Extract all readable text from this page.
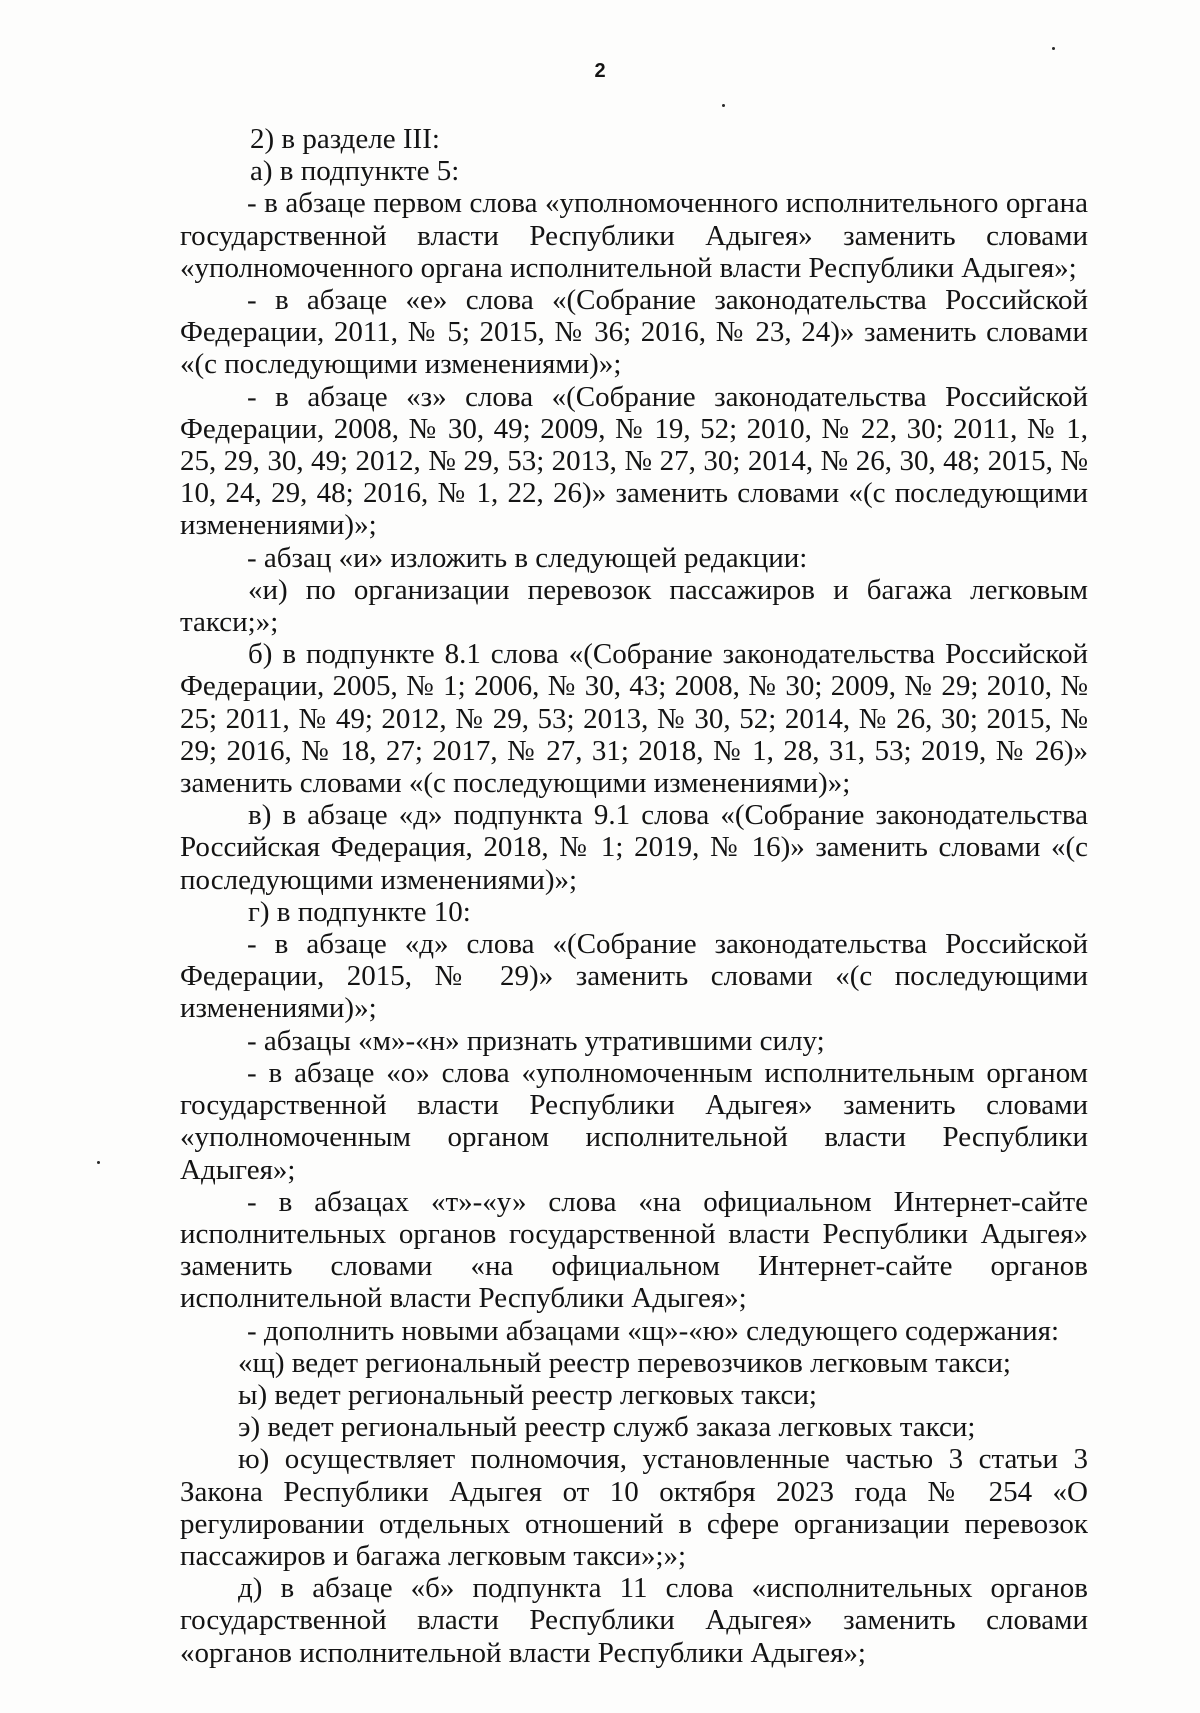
2

2) в разделе III:

а) в подпункте 5:

- в абзаце первом слова «уполномоченного исполнительного органа государственной власти Республики Адыгея» заменить словами «уполномоченного органа исполнительной власти Республики Адыгея»;

- в абзаце «е» слова «(Собрание законодательства Российской Федерации, 2011, № 5; 2015, № 36; 2016, № 23, 24)» заменить словами «(с последующими изменениями)»;

- в абзаце «з» слова «(Собрание законодательства Российской Федерации, 2008, № 30, 49; 2009, № 19, 52; 2010, № 22, 30; 2011, № 1, 25, 29, 30, 49; 2012, № 29, 53; 2013, № 27, 30; 2014, № 26, 30, 48; 2015, № 10, 24, 29, 48; 2016, № 1, 22, 26)» заменить словами «(с последующими изменениями)»;

- абзац «и» изложить в следующей редакции:

«и) по организации перевозок пассажиров и багажа легковым такси;»;

б) в подпункте 8.1 слова «(Собрание законодательства Российской Федерации, 2005, № 1; 2006, № 30, 43; 2008, № 30; 2009, № 29; 2010, № 25; 2011, № 49; 2012, № 29, 53; 2013, № 30, 52; 2014, № 26, 30; 2015, № 29; 2016, № 18, 27; 2017, № 27, 31; 2018, № 1, 28, 31, 53; 2019, № 26)» заменить словами «(с последующими изменениями)»;

в) в абзаце «д» подпункта 9.1 слова «(Собрание законодательства Российская Федерация, 2018, № 1; 2019, № 16)» заменить словами «(с последующими изменениями)»;

г) в подпункте 10:

- в абзаце «д» слова «(Собрание законодательства Российской Федерации, 2015, № 29)» заменить словами «(с последующими изменениями)»;

- абзацы «м»-«н» признать утратившими силу;

- в абзаце «о» слова «уполномоченным исполнительным органом государственной власти Республики Адыгея» заменить словами «уполномоченным органом исполнительной власти Республики Адыгея»;

- в абзацах «т»-«у» слова «на официальном Интернет-сайте исполнительных органов государственной власти Республики Адыгея» заменить словами «на официальном Интернет-сайте органов исполнительной власти Республики Адыгея»;

- дополнить новыми абзацами «щ»-«ю» следующего содержания:

«щ) ведет региональный реестр перевозчиков легковым такси;

ы) ведет региональный реестр легковых такси;

э) ведет региональный реестр служб заказа легковых такси;

ю) осуществляет полномочия, установленные частью 3 статьи 3 Закона Республики Адыгея от 10 октября 2023 года № 254 «О регулировании отдельных отношений в сфере организации перевозок пассажиров и багажа легковым такси»;»;

д) в абзаце «б» подпункта 11 слова «исполнительных органов государственной власти Республики Адыгея» заменить словами «органов исполнительной власти Республики Адыгея»;
